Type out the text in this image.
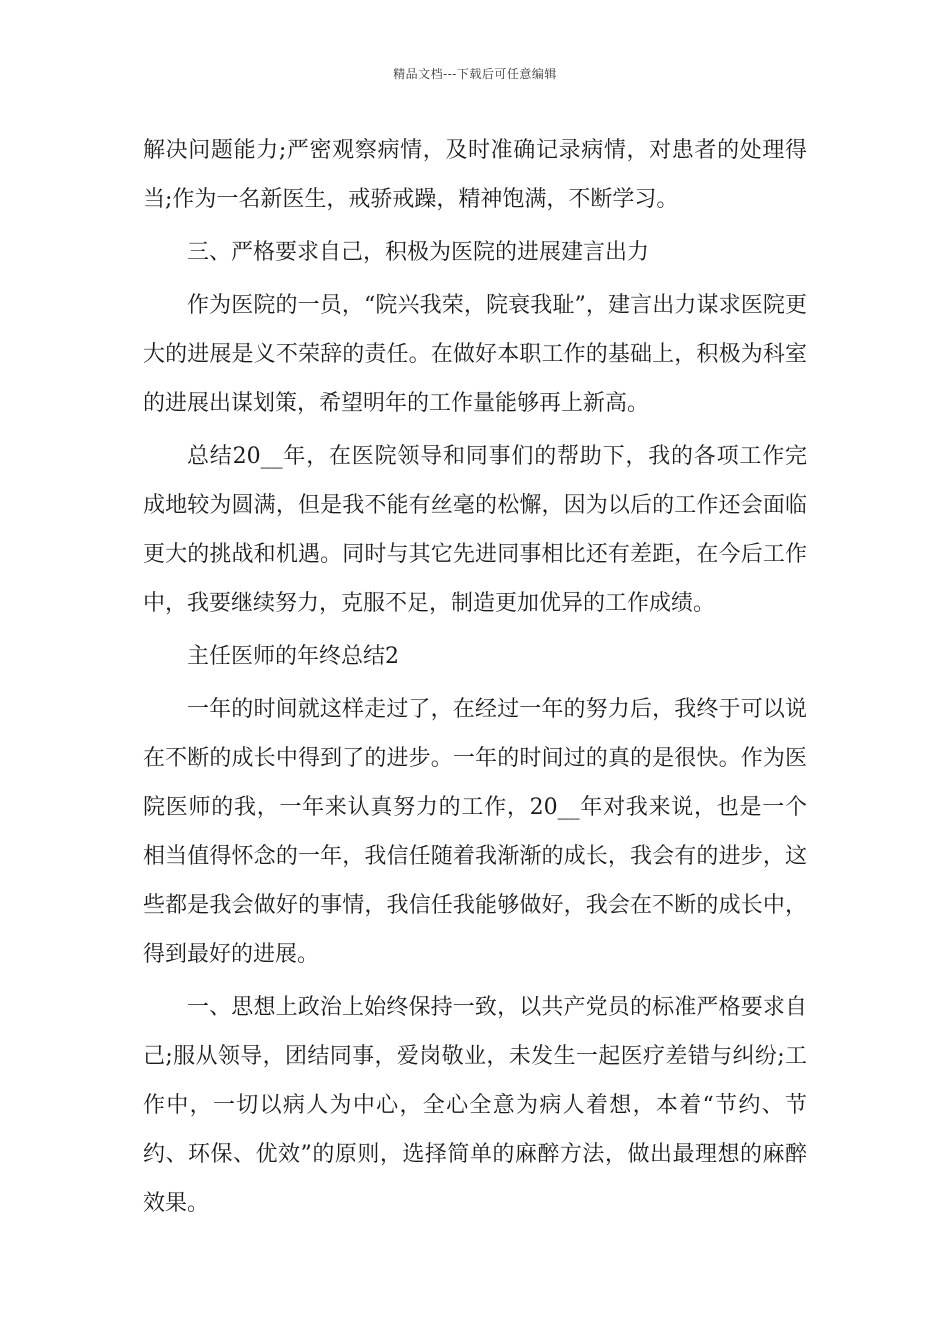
精品文档---下载后可任意编辑

解决问题能力;严密观察病情，及时准确记录病情，对患者的处理得当;作为一名新医生，戒骄戒躁，精神饱满，不断学习。

三、严格要求自己，积极为医院的进展建言出力

作为医院的一员，“院兴我荣，院衰我耻”，建言出力谋求医院更大的进展是义不荣辞的责任。在做好本职工作的基础上，积极为科室的进展出谋划策，希望明年的工作量能够再上新高。

总结20__年，在医院领导和同事们的帮助下，我的各项工作完成地较为圆满，但是我不能有丝毫的松懈，因为以后的工作还会面临更大的挑战和机遇。同时与其它先进同事相比还有差距，在今后工作中，我要继续努力，克服不足，制造更加优异的工作成绩。

主任医师的年终总结2

一年的时间就这样走过了，在经过一年的努力后，我终于可以说在不断的成长中得到了的进步。一年的时间过的真的是很快。作为医院医师的我，一年来认真努力的工作，20__年对我来说，也是一个相当值得怀念的一年，我信任随着我渐渐的成长，我会有的进步，这些都是我会做好的事情，我信任我能够做好，我会在不断的成长中，得到最好的进展。

一、思想上政治上始终保持一致，以共产党员的标准严格要求自己;服从领导，团结同事，爱岗敬业，未发生一起医疗差错与纠纷;工作中，一切以病人为中心，全心全意为病人着想，本着“节约、节约、环保、优效”的原则，选择简单的麻醉方法，做出最理想的麻醉效果。
